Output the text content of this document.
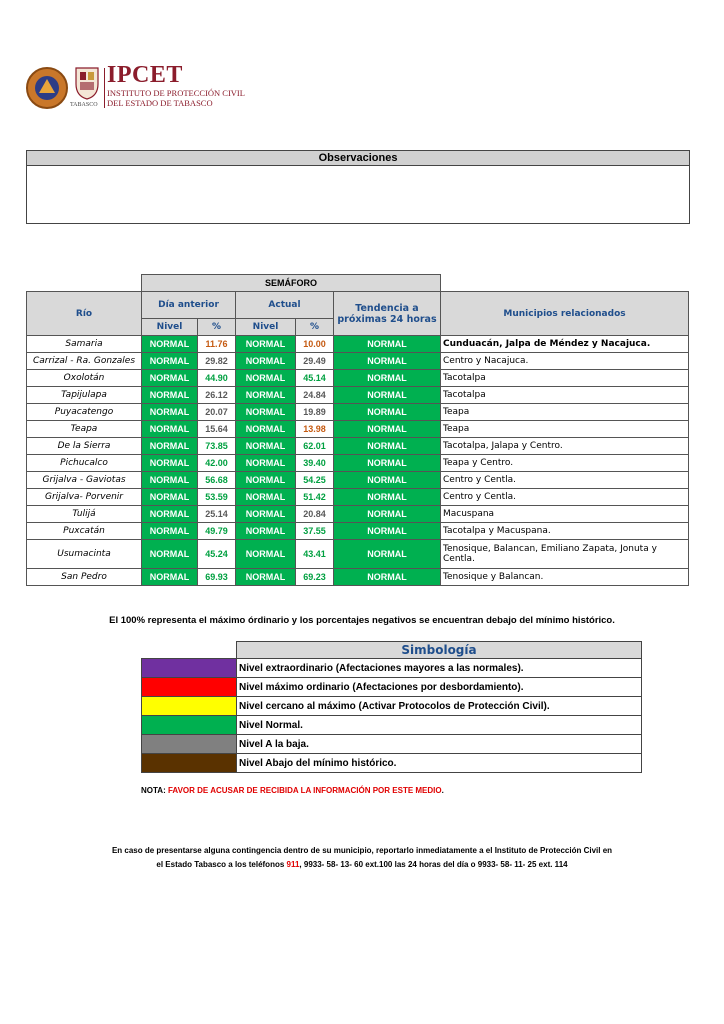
TABASCO
IPCET
INSTITUTO DE PROTECCIÓN CIVIL
DEL ESTADO DE TABASCO
Observaciones
	SEMÁFORO					
Río	Día anterior		Actual		Tendencia a próximas 24 horas	Municipios relacionados
	Nivel	%	Nivel	%		
Samaria	NORMAL	11.76	NORMAL	10.00	NORMAL	Cunduacán, Jalpa de Méndez y Nacajuca.
Carrizal - Ra. Gonzales	NORMAL	29.82	NORMAL	29.49	NORMAL	Centro y Nacajuca.
Oxolotán	NORMAL	44.90	NORMAL	45.14	NORMAL	Tacotalpa
Tapijulapa	NORMAL	26.12	NORMAL	24.84	NORMAL	Tacotalpa
Puyacatengo	NORMAL	20.07	NORMAL	19.89	NORMAL	Teapa
Teapa	NORMAL	15.64	NORMAL	13.98	NORMAL	Teapa
De la Sierra	NORMAL	73.85	NORMAL	62.01	NORMAL	Tacotalpa, Jalapa y Centro.
Pichucalco	NORMAL	42.00	NORMAL	39.40	NORMAL	Teapa y Centro.
Grijalva - Gaviotas	NORMAL	56.68	NORMAL	54.25	NORMAL	Centro y Centla.
Grijalva- Porvenir	NORMAL	53.59	NORMAL	51.42	NORMAL	Centro y Centla.
Tulijá	NORMAL	25.14	NORMAL	20.84	NORMAL	Macuspana
Puxcatán	NORMAL	49.79	NORMAL	37.55	NORMAL	Tacotalpa y Macuspana.
Usumacinta	NORMAL	45.24	NORMAL	43.41	NORMAL	Tenosique, Balancan, Emiliano Zapata, Jonuta y Centla.
San Pedro	NORMAL	69.93	NORMAL	69.23	NORMAL	Tenosique y Balancan.
El 100% representa el máximo órdinario y los porcentajes negativos se encuentran debajo del mínimo histórico.
	Simbología
	Nivel extraordinario (Afectaciones mayores a las normales).
	Nivel máximo ordinario (Afectaciones por desbordamiento).
	Nivel cercano al máximo (Activar Protocolos de Protección Civil).
	Nivel Normal.
	Nivel A la baja.
	Nivel Abajo del mínimo histórico.
NOTA: FAVOR DE ACUSAR DE RECIBIDA LA INFORMACIÓN POR ESTE MEDIO.
En caso de presentarse alguna contingencia dentro de su municipio, reportarlo inmediatamente a el Instituto de Protección Civil en
el Estado Tabasco a los teléfonos 911, 9933- 58- 13- 60 ext.100 las 24 horas del día o 9933- 58- 11- 25 ext. 114
